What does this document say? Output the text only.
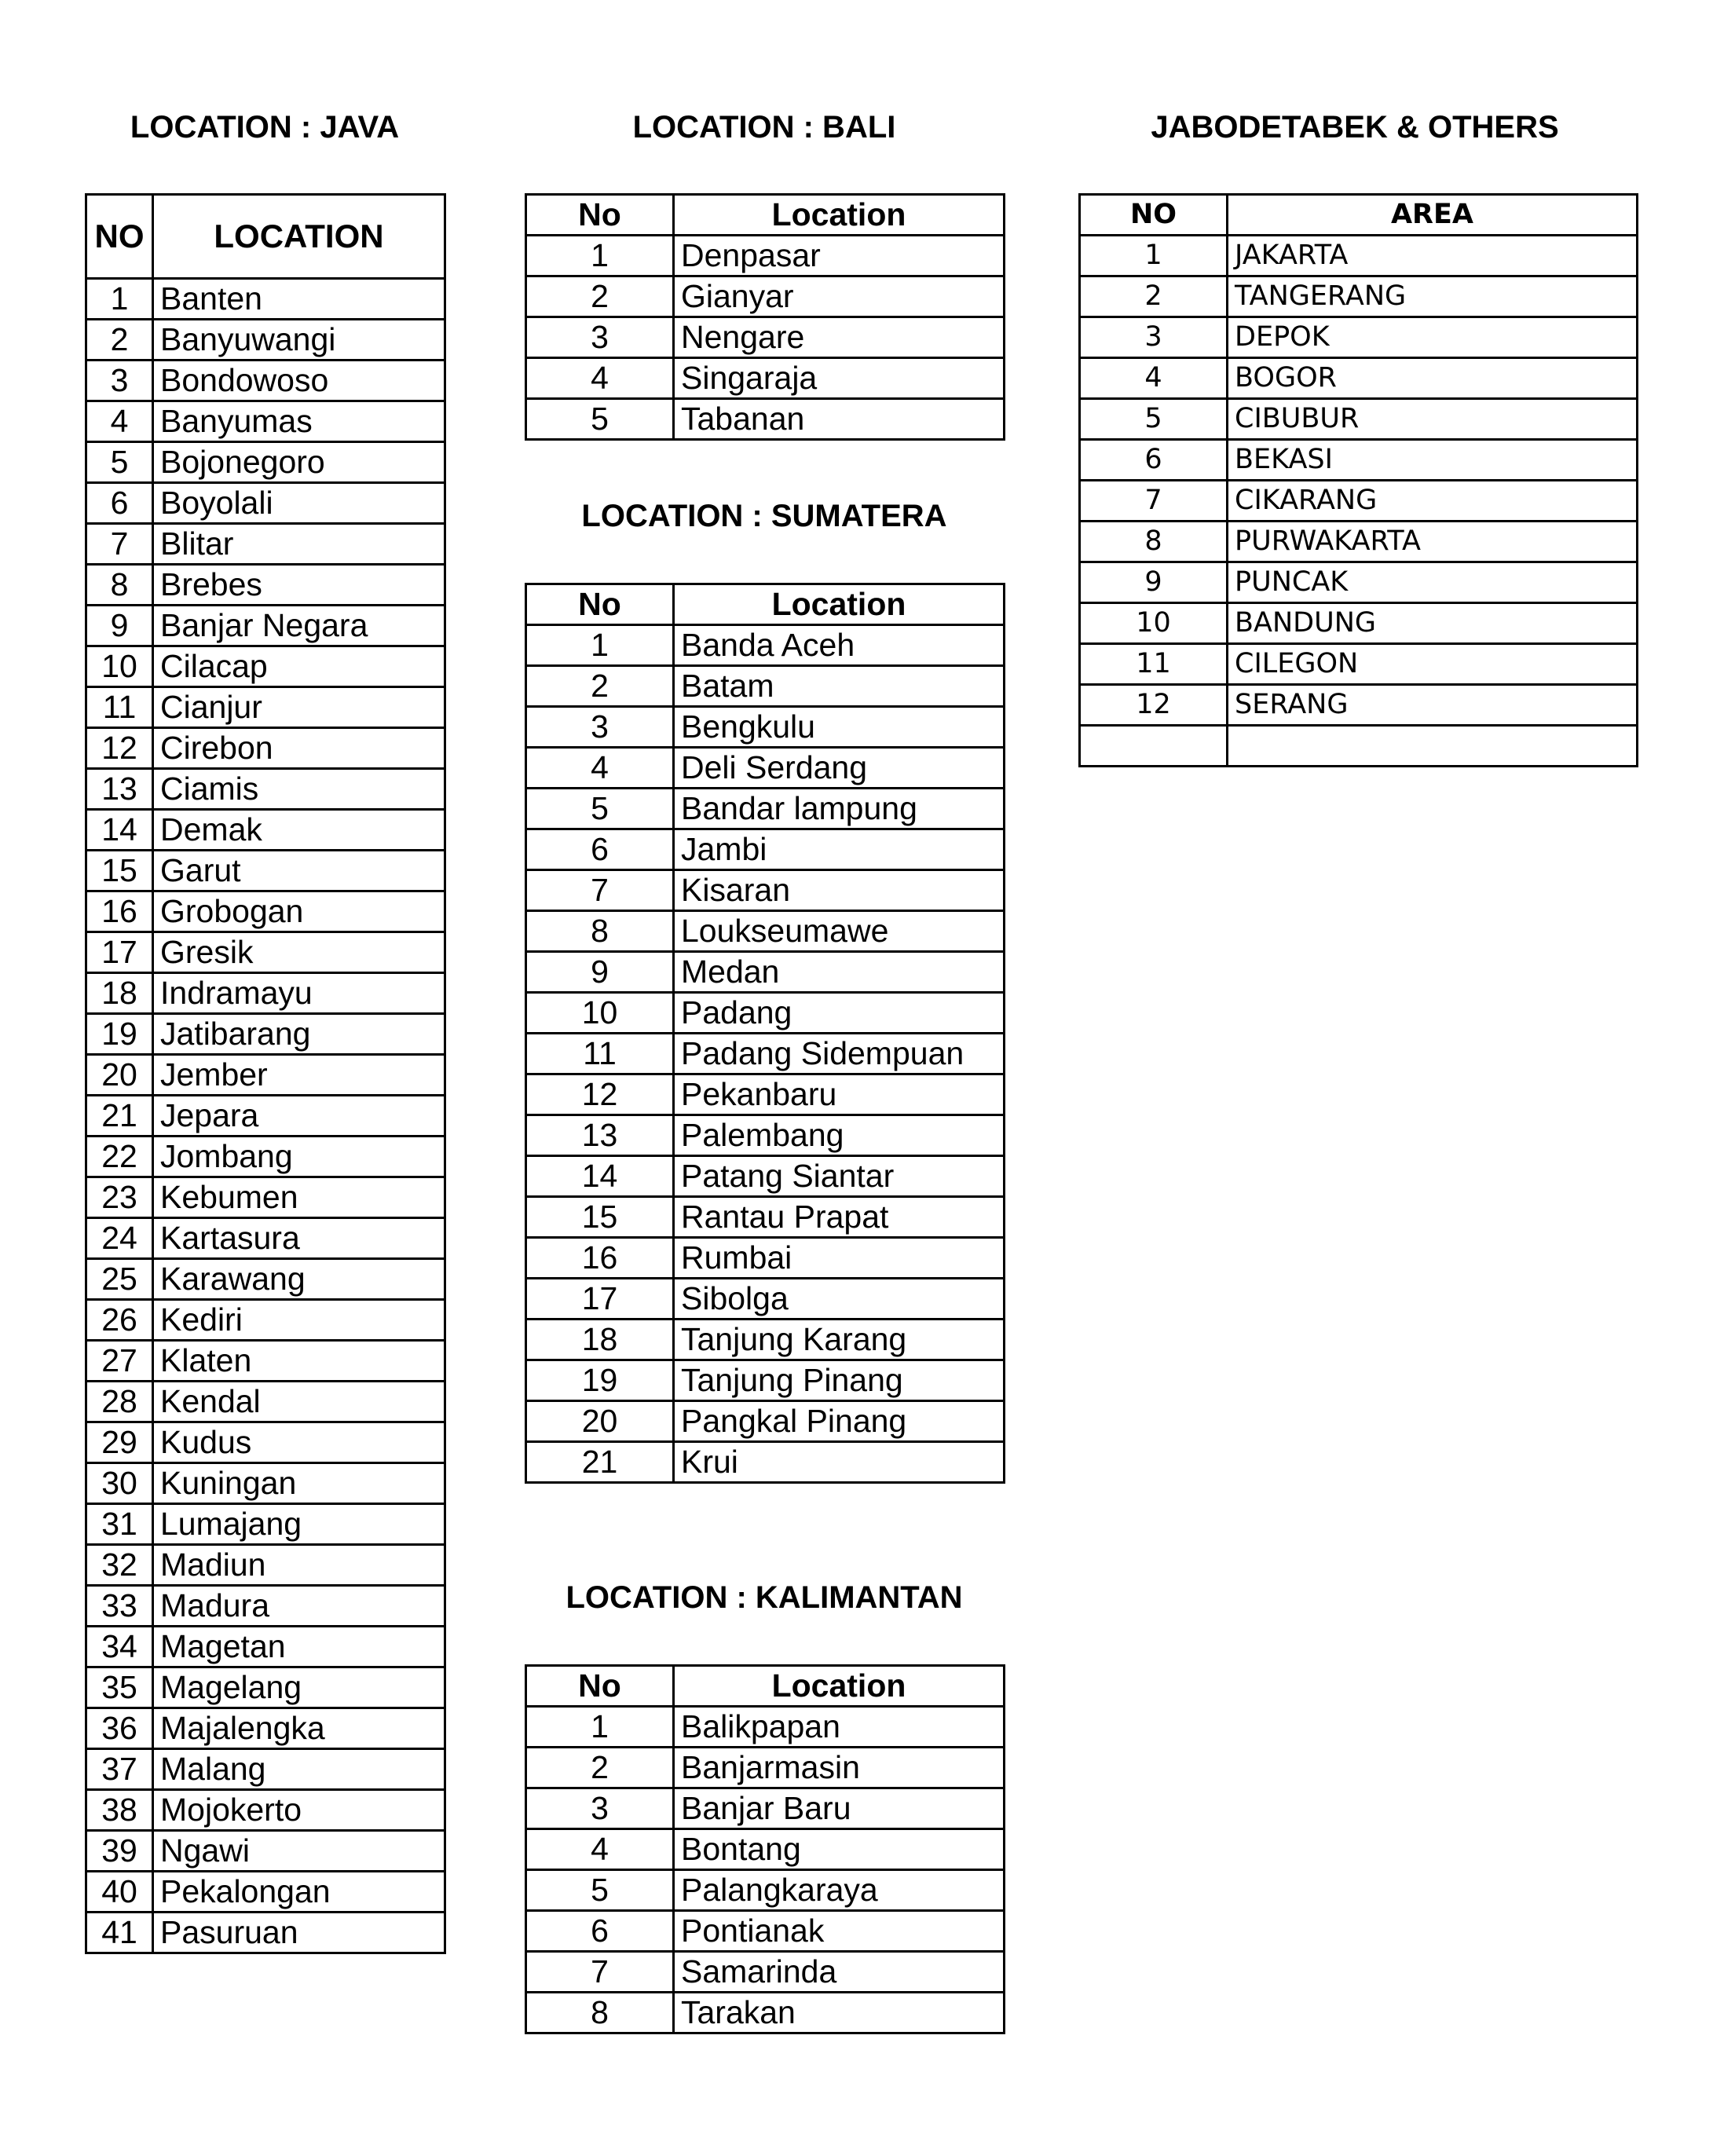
LOCATION : JAVA	LOCATION : BALI	JABODETABEK & OTHERS
LOCATION : SUMATERA
LOCATION : KALIMANTAN
NO	LOCATION
1	Banten
2	Banyuwangi
3	Bondowoso
4	Banyumas
5	Bojonegoro
6	Boyolali
7	Blitar
8	Brebes
9	Banjar Negara
10	Cilacap
11	Cianjur
12	Cirebon
13	Ciamis
14	Demak
15	Garut
16	Grobogan
17	Gresik
18	Indramayu
19	Jatibarang
20	Jember
21	Jepara
22	Jombang
23	Kebumen
24	Kartasura
25	Karawang
26	Kediri
27	Klaten
28	Kendal
29	Kudus
30	Kuningan
31	Lumajang
32	Madiun
33	Madura
34	Magetan
35	Magelang
36	Majalengka
37	Malang
38	Mojokerto
39	Ngawi
40	Pekalongan
41	Pasuruan
No	Location
1	Denpasar
2	Gianyar
3	Nengare
4	Singaraja
5	Tabanan
No	Location
1	Banda Aceh
2	Batam
3	Bengkulu
4	Deli Serdang
5	Bandar lampung
6	Jambi
7	Kisaran
8	Loukseumawe
9	Medan
10	Padang
11	Padang Sidempuan
12	Pekanbaru
13	Palembang
14	Patang Siantar
15	Rantau Prapat
16	Rumbai
17	Sibolga
18	Tanjung Karang
19	Tanjung Pinang
20	Pangkal Pinang
21	Krui
No	Location
1	Balikpapan
2	Banjarmasin
3	Banjar Baru
4	Bontang
5	Palangkaraya
6	Pontianak
7	Samarinda
8	Tarakan
NO	AREA
1	JAKARTA
2	TANGERANG
3	DEPOK
4	BOGOR
5	CIBUBUR
6	BEKASI
7	CIKARANG
8	PURWAKARTA
9	PUNCAK
10	BANDUNG
11	CILEGON
12	SERANG
